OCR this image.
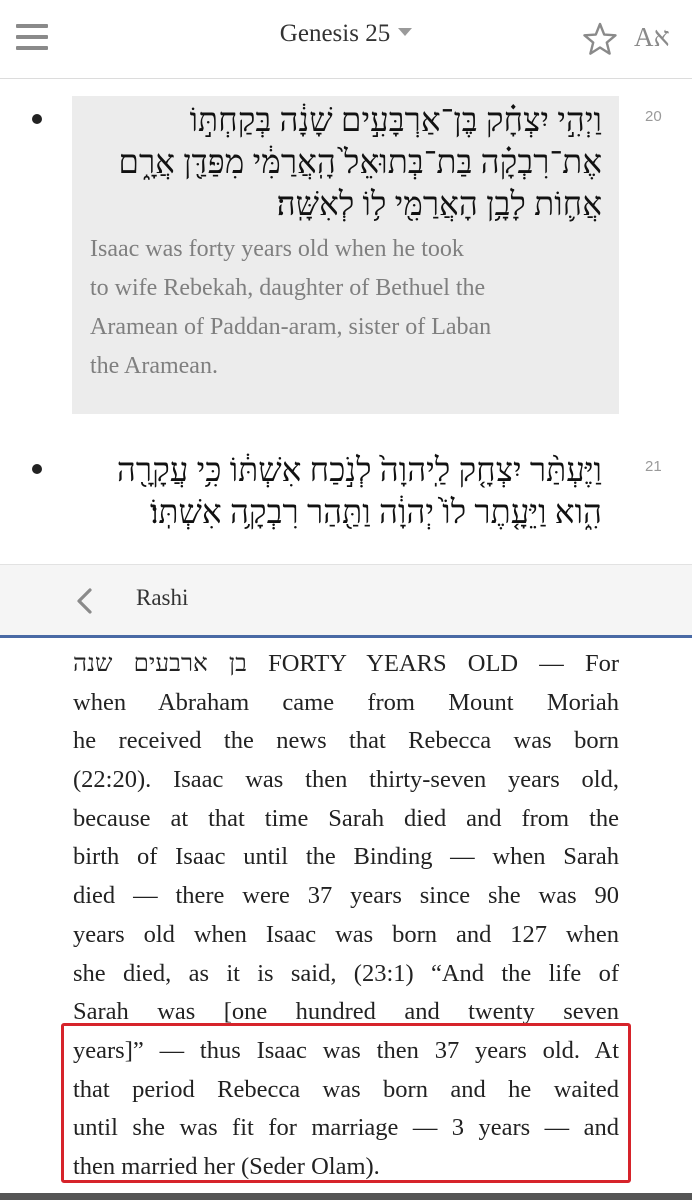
Genesis 25	Aא
וַיְהִ֣י יִצְחָ֗ק בֶּן־אַרְבָּעִ֣ים שָׁנָ֔ה בְּקַחְתּ֣וֹ
אֶת־רִבְקָ֗ה בַּת־בְּתוּאֵל֙ הָֽאֲרַמִּ֔י מִפַּדַּ֖ן אֲרָ֑ם
אֲח֛וֹת לָבָ֥ן הָאֲרַמִּ֖י ל֥וֹ לְאִשָּֽׁה׃
Isaac was forty years old when he took
to wife Rebekah, daughter of Bethuel the
Aramean of Paddan-aram, sister of Laban
the Aramean.
20
וַיֶּעְתַּ֨ר יִצְחָ֤ק לַֽיהוָה֙ לְנֹ֣כַח אִשְׁתּ֔וֹ כִּ֥י עֲקָרָ֖ה
הִ֑וא וַיֵּעָ֤תֶר לוֹ֙ יְהוָ֔ה וַתַּ֖הַר רִבְקָ֥ה אִשְׁתּֽוֹ׃
21
Rashi
בן ארבעים שנה FORTY YEARS OLD — For
when Abraham came from Mount Moriah
he received the news that Rebecca was born
(22:20). Isaac was then thirty-seven years old,
because at that time Sarah died and from the
birth of Isaac until the Binding — when Sarah
died — there were 37 years since she was 90
years old when Isaac was born and 127 when
she died, as it is said, (23:1) “And the life of
Sarah was [one hundred and twenty seven
years]” — thus Isaac was then 37 years old. At
that period Rebecca was born and he waited
until she was fit for marriage — 3 years — and
then married her (Seder Olam).
